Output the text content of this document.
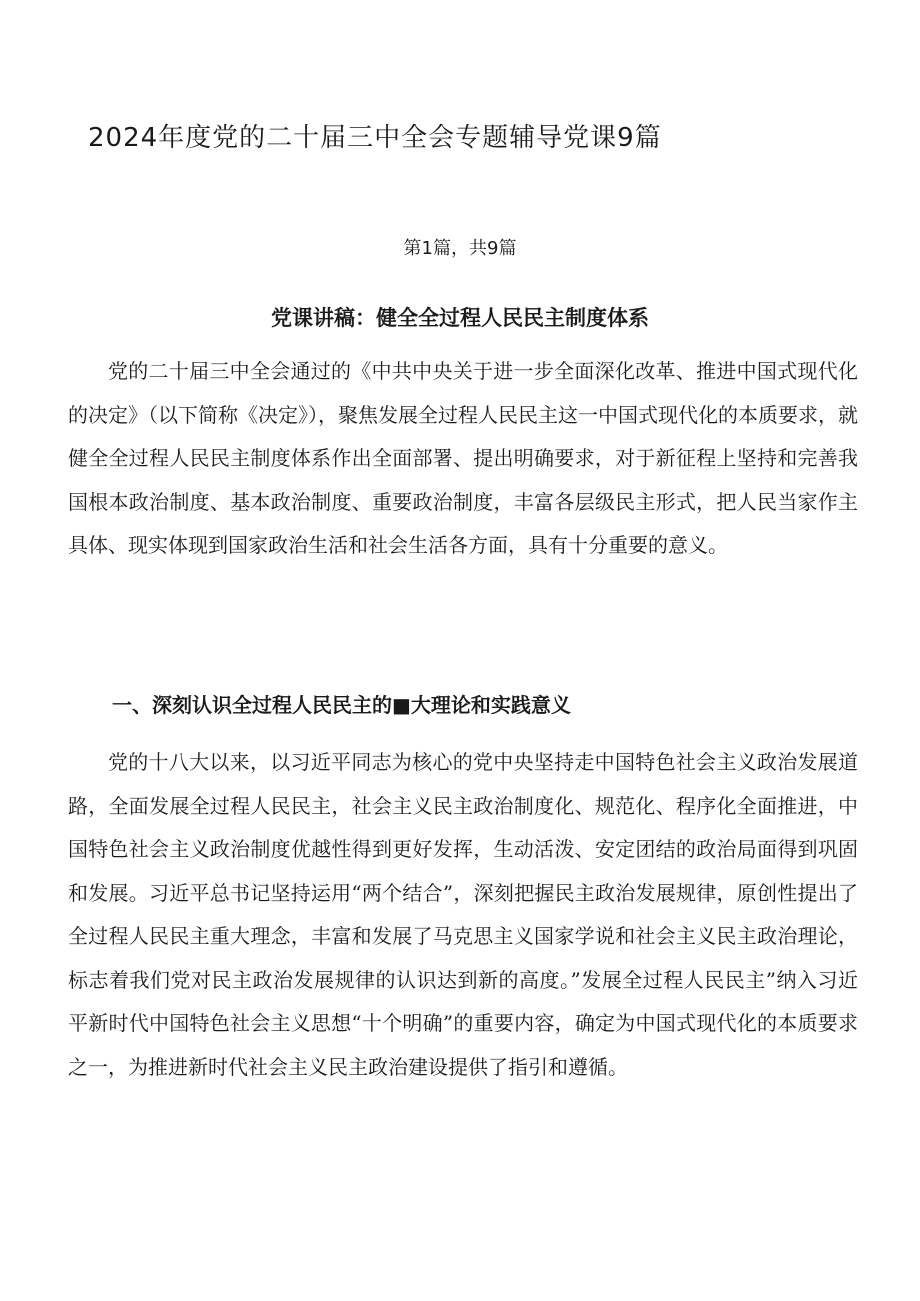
2024年度党的二十届三中全会专题辅导党课9篇
第1篇，共9篇
党课讲稿：健全全过程人民民主制度体系

党的二十届三中全会通过的《中共中央关于进一步全面深化改革、推进中国式现代化的决定》（以下简称《决定》），聚焦发展全过程人民民主这一中国式现代化的本质要求，就健全全过程人民民主制度体系作出全面部署、提出明确要求，对于新征程上坚持和完善我国根本政治制度、基本政治制度、重要政治制度，丰富各层级民主形式，把人民当家作主具体、现实体现到国家政治生活和社会生活各方面，具有十分重要的意义。

一、深刻认识全过程人民民主的■大理论和实践意义

党的十八大以来，以习近平同志为核心的党中央坚持走中国特色社会主义政治发展道路，全面发展全过程人民民主，社会主义民主政治制度化、规范化、程序化全面推进，中国特色社会主义政治制度优越性得到更好发挥，生动活泼、安定团结的政治局面得到巩固和发展。习近平总书记坚持运用“两个结合”，深刻把握民主政治发展规律，原创性提出了全过程人民民主重大理念，丰富和发展了马克思主义国家学说和社会主义民主政治理论，标志着我们党对民主政治发展规律的认识达到新的高度。”发展全过程人民民主”纳入习近平新时代中国特色社会主义思想“十个明确”的重要内容，确定为中国式现代化的本质要求之一，为推进新时代社会主义民主政治建设提供了指引和遵循。
